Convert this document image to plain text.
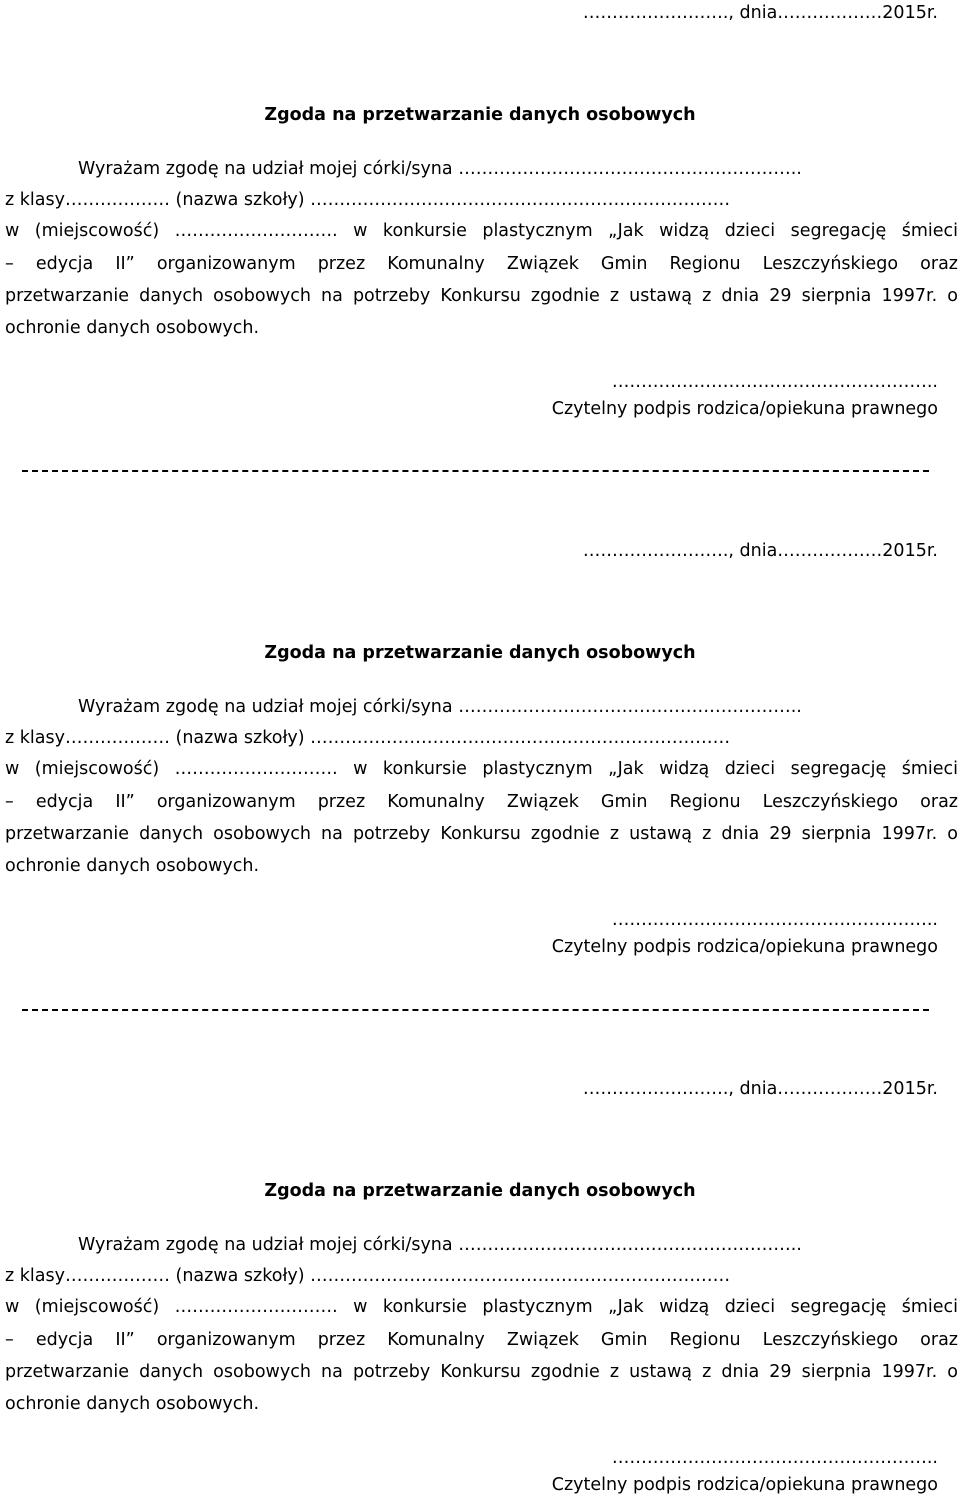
……………………., dnia………………2015r.
Zgoda na przetwarzanie danych osobowych
Wyrażam zgodę na udział mojej córki/syna …………………………………………………..
z klasy……………… (nazwa szkoły) ………………………………………………………………
w (miejscowość) ………………………. w konkursie plastycznym „Jak widzą dzieci segregację śmieci
– edycja II” organizowanym przez Komunalny Związek Gmin Regionu Leszczyńskiego oraz
przetwarzanie danych osobowych na potrzeby Konkursu zgodnie z ustawą z dnia 29 sierpnia 1997r. o
ochronie danych osobowych.
………………………………………………..
Czytelny podpis rodzica/opiekuna prawnego
……………………., dnia………………2015r.
Zgoda na przetwarzanie danych osobowych
Wyrażam zgodę na udział mojej córki/syna …………………………………………………..
z klasy……………… (nazwa szkoły) ………………………………………………………………
w (miejscowość) ………………………. w konkursie plastycznym „Jak widzą dzieci segregację śmieci
– edycja II” organizowanym przez Komunalny Związek Gmin Regionu Leszczyńskiego oraz
przetwarzanie danych osobowych na potrzeby Konkursu zgodnie z ustawą z dnia 29 sierpnia 1997r. o
ochronie danych osobowych.
………………………………………………..
Czytelny podpis rodzica/opiekuna prawnego
……………………., dnia………………2015r.
Zgoda na przetwarzanie danych osobowych
Wyrażam zgodę na udział mojej córki/syna …………………………………………………..
z klasy……………… (nazwa szkoły) ………………………………………………………………
w (miejscowość) ………………………. w konkursie plastycznym „Jak widzą dzieci segregację śmieci
– edycja II” organizowanym przez Komunalny Związek Gmin Regionu Leszczyńskiego oraz
przetwarzanie danych osobowych na potrzeby Konkursu zgodnie z ustawą z dnia 29 sierpnia 1997r. o
ochronie danych osobowych.
………………………………………………..
Czytelny podpis rodzica/opiekuna prawnego
